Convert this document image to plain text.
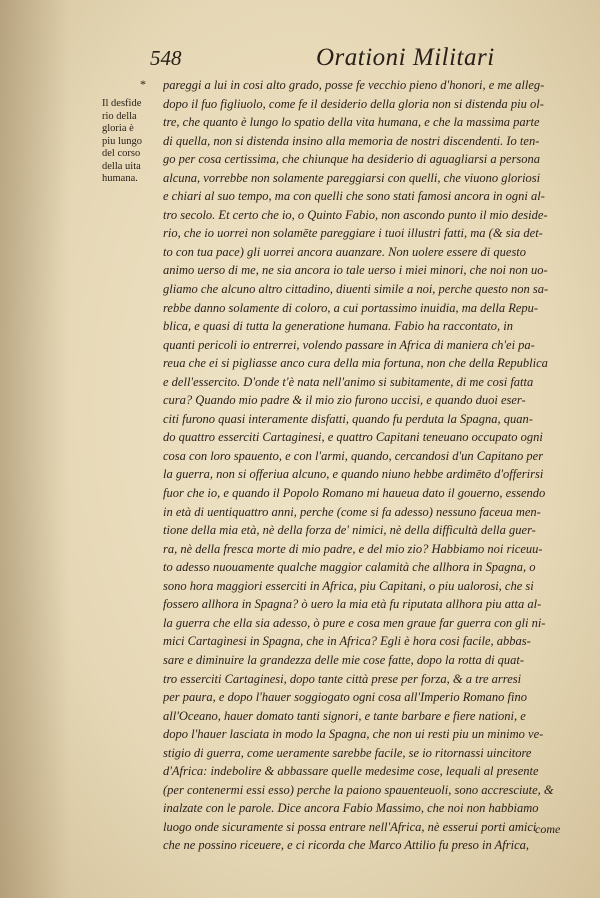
548	Orationi Militari
*
Il desfide
rio della
gloria è
piu lungo
del corso
della uita
humana.
pareggi a lui in cosi alto grado, posse fe vecchio pieno d'honori, e me alleg-
dopo il fuo figliuolo, come fe il desiderio della gloria non si distenda piu ol-
tre, che quanto è lungo lo spatio della vita humana, e che la massima parte
di quella, non si distenda insino alla memoria de nostri discendenti. Io ten-
go per cosa certissima, che chiunque ha desiderio di aguagliarsi a persona
alcuna, vorrebbe non solamente pareggiarsi con quelli, che viuono gloriosi
e chiari al suo tempo, ma con quelli che sono stati famosi ancora in ogni al-
tro secolo. Et certo che io, o Quinto Fabio, non ascondo punto il mio deside-
rio, che io uorrei non solamēte pareggiare i tuoi illustri fatti, ma (& sia det-
to con tua pace) gli uorrei ancora auanzare. Non uolere essere di questo
animo uerso di me, ne sia ancora io tale uerso i miei minori, che noi non uo-
gliamo che alcuno altro cittadino, diuenti simile a noi, perche questo non sa-
rebbe danno solamente di coloro, a cui portassimo inuidia, ma della Repu-
blica, e quasi di tutta la generatione humana. Fabio ha raccontato, in
quanti pericoli io entrerrei, volendo passare in Africa di maniera ch'ei pa-
reua che ei si pigliasse anco cura della mia fortuna, non che della Republica
e dell'essercito. D'onde t'è nata nell'animo si subitamente, di me cosi fatta
cura? Quando mio padre & il mio zio furono uccisi, e quando duoi eser-
citi furono quasi interamente disfatti, quando fu perduta la Spagna, quan-
do quattro esserciti Cartaginesi, e quattro Capitani teneuano occupato ogni
cosa con loro spauento, e con l'armi, quando, cercandosi d'un Capitano per
la guerra, non si offeriua alcuno, e quando niuno hebbe ardimēto d'offerirsi
fuor che io, e quando il Popolo Romano mi haueua dato il gouerno, essendo
in età di uentiquattro anni, perche (come si fa adesso) nessuno faceua men-
tione della mia età, nè della forza de' nimici, nè della difficultà della guer-
ra, nè della fresca morte di mio padre, e del mio zio? Habbiamo noi riceuu-
to adesso nuouamente qualche maggior calamità che allhora in Spagna, o
sono hora maggiori esserciti in Africa, piu Capitani, o piu ualorosi, che si
fossero allhora in Spagna? ò uero la mia età fu riputata allhora piu atta al-
la guerra che ella sia adesso, ò pure e cosa men graue far guerra con gli ni-
mici Cartaginesi in Spagna, che in Africa? Egli è hora cosi facile, abbas-
sare e diminuire la grandezza delle mie cose fatte, dopo la rotta di quat-
tro esserciti Cartaginesi, dopo tante città prese per forza, & a tre arresi
per paura, e dopo l'hauer soggiogato ogni cosa all'Imperio Romano fino
all'Oceano, hauer domato tanti signori, e tante barbare e fiere nationi, e
dopo l'hauer lasciata in modo la Spagna, che non ui resti piu un minimo ve-
stigio di guerra, come ueramente sarebbe facile, se io ritornassi uincitore
d'Africa: indebolire & abbassare quelle medesime cose, lequali al presente
(per contenermi essi esso) perche la paiono spauenteuoli, sono accresciute, &
inalzate con le parole. Dice ancora Fabio Massimo, che noi non habbiamo
luogo onde sicuramente si possa entrare nell'Africa, nè esserui porti amici
che ne possino riceuere, e ci ricorda che Marco Attilio fu preso in Africa,
come
